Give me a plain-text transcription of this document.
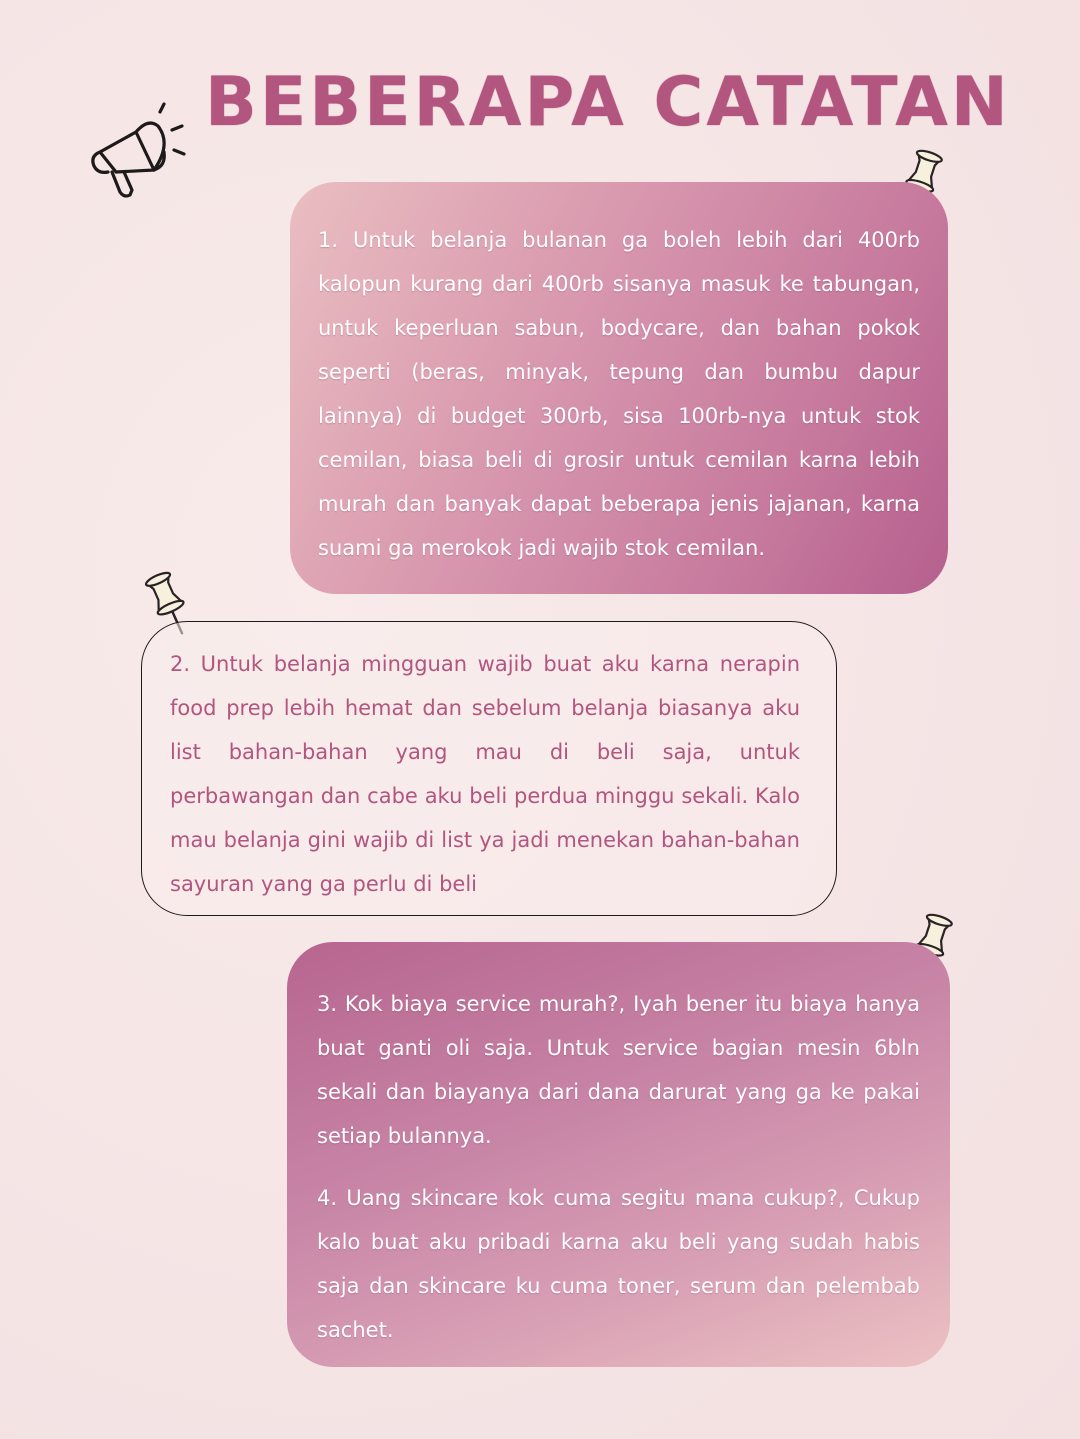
BEBERAPA CATATAN

1. Untuk belanja bulanan ga boleh lebih dari 400rb kalopun kurang dari 400rb sisanya masuk ke tabungan, untuk keperluan sabun, bodycare, dan bahan pokok seperti (beras, minyak, tepung dan bumbu dapur lainnya) di budget 300rb, sisa 100rb-nya untuk stok cemilan, biasa beli di grosir untuk cemilan karna lebih murah dan banyak dapat beberapa jenis jajanan, karna suami ga merokok jadi wajib stok cemilan.

2. Untuk belanja mingguan wajib buat aku karna nerapin food prep lebih hemat dan sebelum belanja biasanya aku list bahan-bahan yang mau di beli saja, untuk perbawangan dan cabe aku beli perdua minggu sekali. Kalo mau belanja gini wajib di list ya jadi menekan bahan-bahan sayuran yang ga perlu di beli

3. Kok biaya service murah?, Iyah bener itu biaya hanya buat ganti oli saja. Untuk service bagian mesin 6bln sekali dan biayanya dari dana darurat yang ga ke pakai setiap bulannya.

4. Uang skincare kok cuma segitu mana cukup?, Cukup kalo buat aku pribadi karna aku beli yang sudah habis saja dan skincare ku cuma toner, serum dan pelembab sachet.
